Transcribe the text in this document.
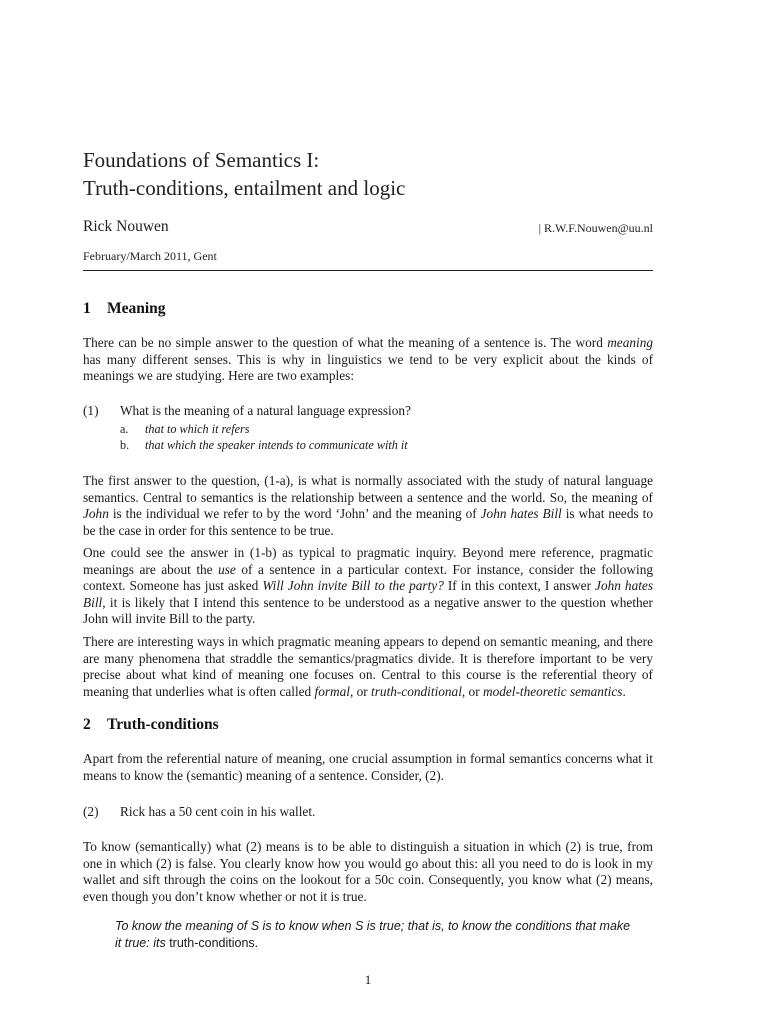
Foundations of Semantics I:
Truth-conditions, entailment and logic
Rick Nouwen	| R.W.F.Nouwen@uu.nl
February/March 2011, Gent
1 Meaning
There can be no simple answer to the question of what the meaning of a sentence is. The word meaning has many different senses. This is why in linguistics we tend to be very explicit about the kinds of meanings we are studying. Here are two examples:
(1) What is the meaning of a natural language expression?
a. that to which it refers
b. that which the speaker intends to communicate with it
The first answer to the question, (1-a), is what is normally associated with the study of natural language semantics. Central to semantics is the relationship between a sentence and the world. So, the meaning of John is the individual we refer to by the word ‘John’ and the meaning of John hates Bill is what needs to be the case in order for this sentence to be true.
One could see the answer in (1-b) as typical to pragmatic inquiry. Beyond mere reference, pragmatic meanings are about the use of a sentence in a particular context. For instance, consider the following context. Someone has just asked Will John invite Bill to the party? If in this context, I answer John hates Bill, it is likely that I intend this sentence to be understood as a negative answer to the question whether John will invite Bill to the party.
There are interesting ways in which pragmatic meaning appears to depend on semantic meaning, and there are many phenomena that straddle the semantics/pragmatics divide. It is therefore important to be very precise about what kind of meaning one focuses on. Central to this course is the referential theory of meaning that underlies what is often called formal, or truth-conditional, or model-theoretic semantics.
2 Truth-conditions
Apart from the referential nature of meaning, one crucial assumption in formal semantics concerns what it means to know the (semantic) meaning of a sentence. Consider, (2).
(2) Rick has a 50 cent coin in his wallet.
To know (semantically) what (2) means is to be able to distinguish a situation in which (2) is true, from one in which (2) is false. You clearly know how you would go about this: all you need to do is look in my wallet and sift through the coins on the lookout for a 50c coin. Consequently, you know what (2) means, even though you don’t know whether or not it is true.
To know the meaning of S is to know when S is true; that is, to know the conditions that make it true: its truth-conditions.
1
